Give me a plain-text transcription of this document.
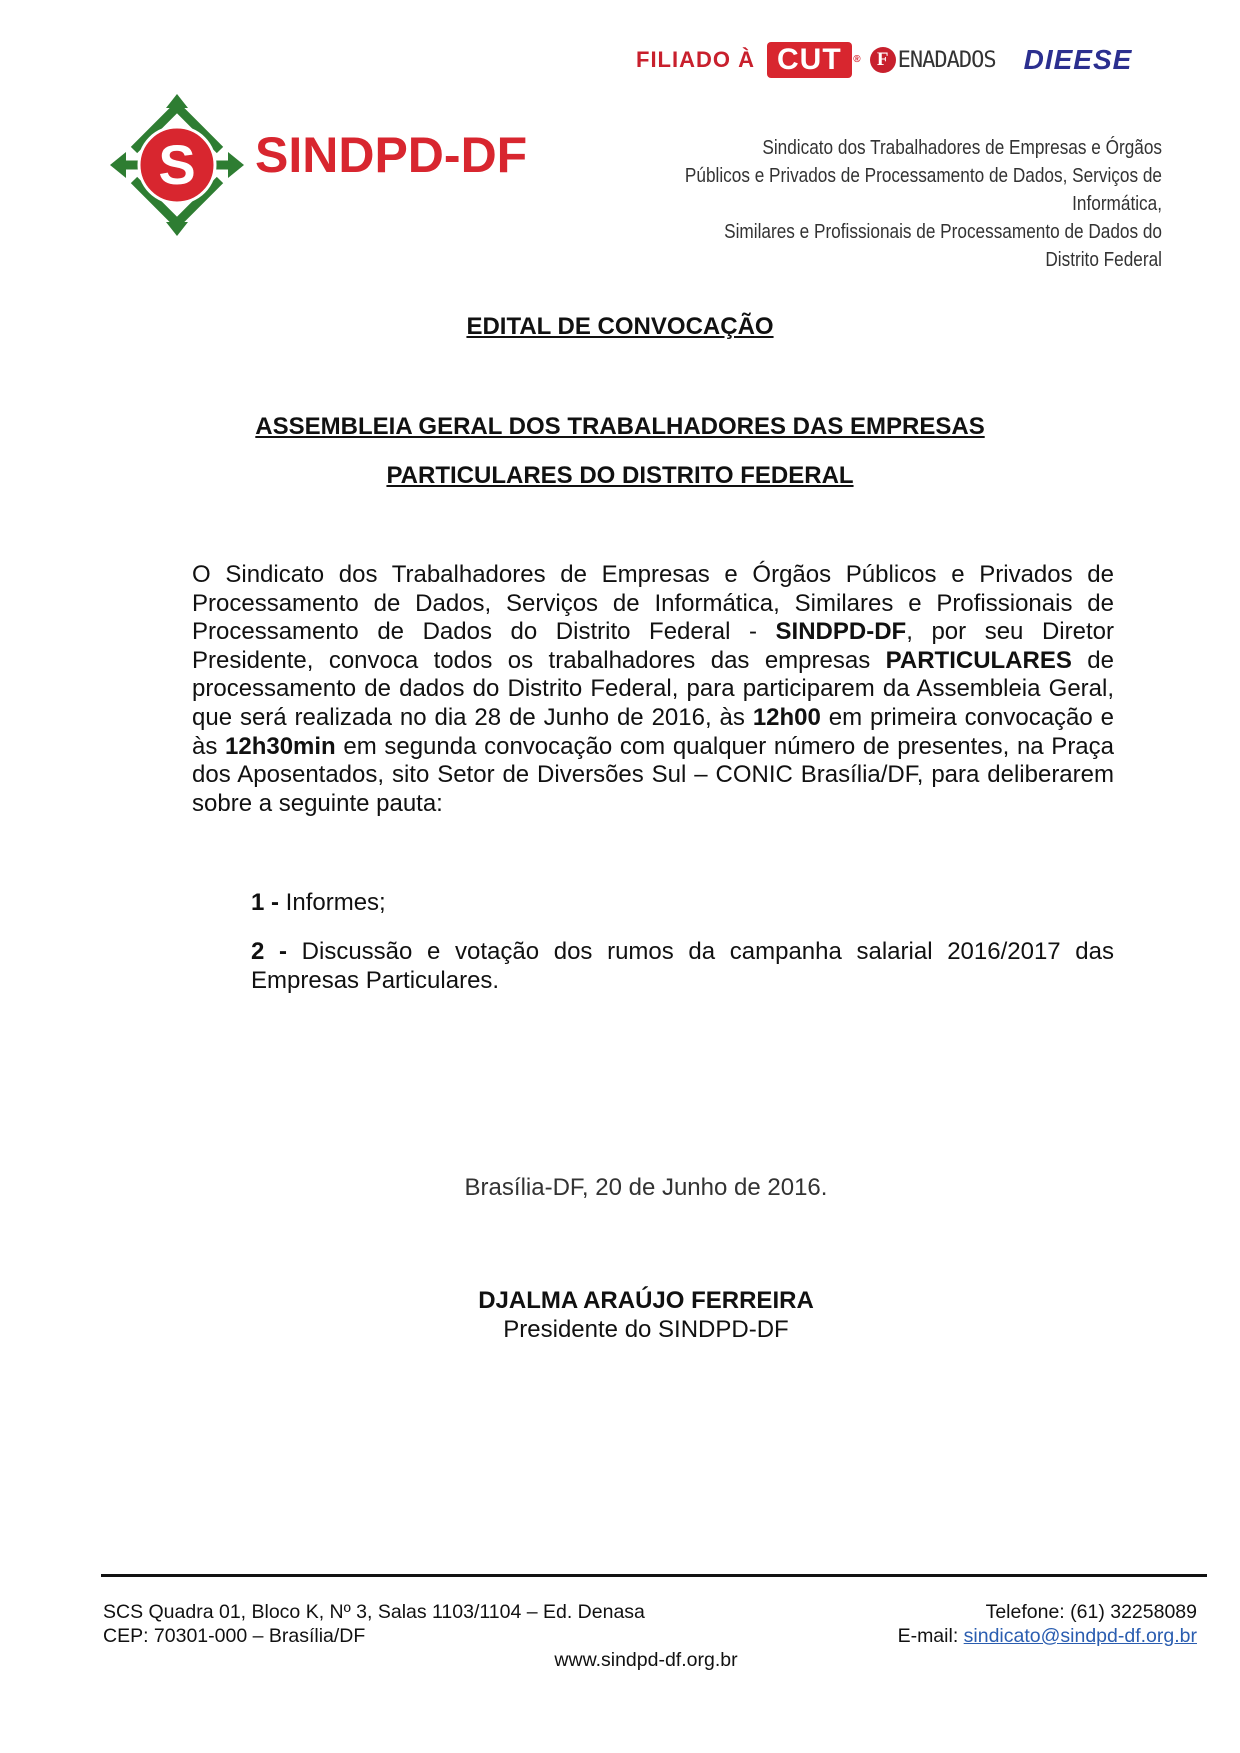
FILIADO À CUT ® F ENADADOS DIEESE
S SINDPD-DF	Sindicato dos Trabalhadores de Empresas e Órgãos
Públicos e Privados de Processamento de Dados, Serviços de Informática,
Similares e Profissionais de Processamento de Dados do Distrito Federal
EDITAL DE CONVOCAÇÃO
ASSEMBLEIA GERAL DOS TRABALHADORES DAS EMPRESAS
PARTICULARES DO DISTRITO FEDERAL
O Sindicato dos Trabalhadores de Empresas e Órgãos Públicos e Privados de Processamento de Dados, Serviços de Informática, Similares e Profissionais de Processamento de Dados do Distrito Federal - SINDPD-DF, por seu Diretor Presidente, convoca todos os trabalhadores das empresas PARTICULARES de processamento de dados do Distrito Federal, para participarem da Assembleia Geral, que será realizada no dia 28 de Junho de 2016, às 12h00 em primeira convocação e às 12h30min em segunda convocação com qualquer número de presentes, na Praça dos Aposentados, sito Setor de Diversões Sul – CONIC Brasília/DF, para deliberarem sobre a seguinte pauta:
1 - Informes;
2 - Discussão e votação dos rumos da campanha salarial 2016/2017 das Empresas Particulares.
Brasília-DF, 20 de Junho de 2016.
DJALMA ARAÚJO FERREIRA
Presidente do SINDPD-DF
SCS Quadra 01, Bloco K, Nº 3, Salas 1103/1104 – Ed. Denasa
CEP: 70301-000 – Brasília/DF
Telefone: (61) 32258089
E-mail: sindicato@sindpd-df.org.br
www.sindpd-df.org.br
